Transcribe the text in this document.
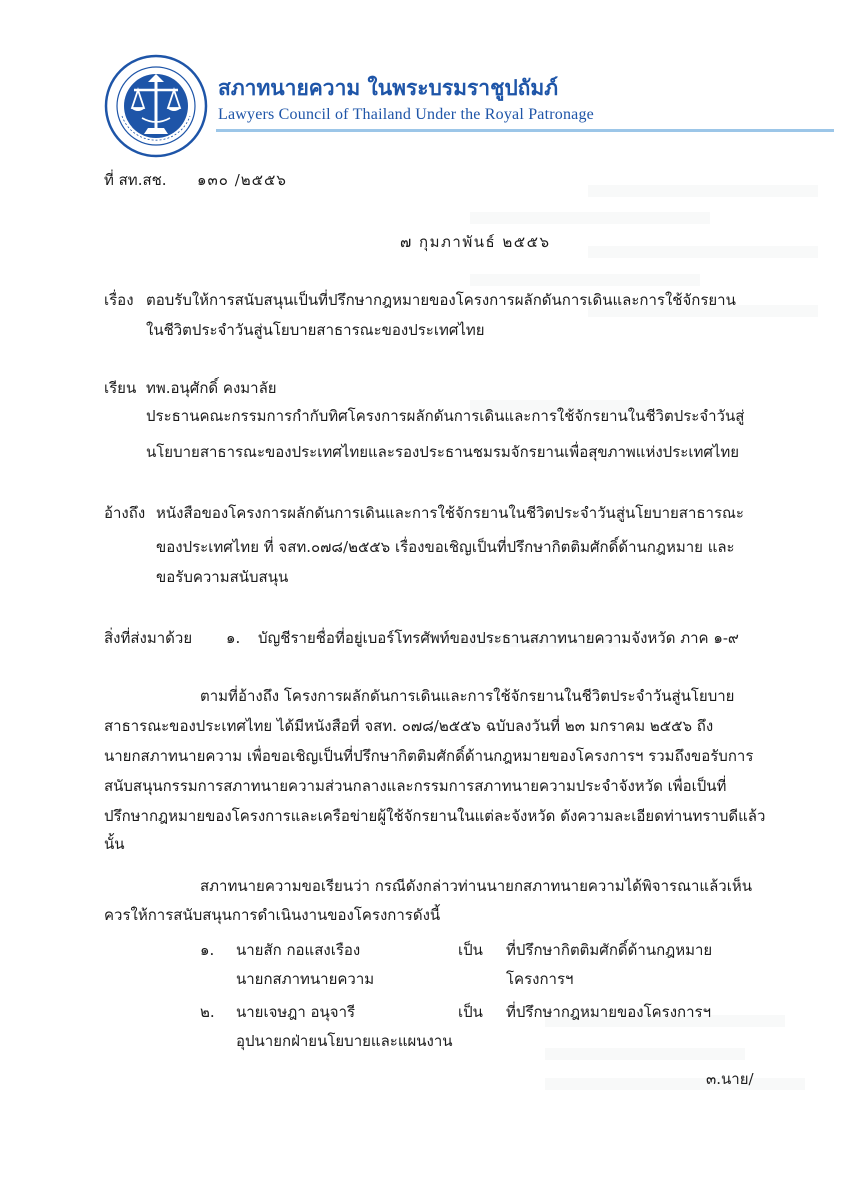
สภาทนายความ ในพระบรมราชูปถัมภ์
Lawyers Council of Thailand Under the Royal Patronage
ที่ สท.สช. ๑๓๐ /๒๕๕๖
๗ กุมภาพันธ์ ๒๕๕๖
เรื่อง ตอบรับให้การสนับสนุนเป็นที่ปรึกษากฎหมายของโครงการผลักดันการเดินและการใช้จักรยาน
ในชีวิตประจำวันสู่นโยบายสาธารณะของประเทศไทย
เรียน ทพ.อนุศักดิ์ คงมาลัย
ประธานคณะกรรมการกำกับทิศโครงการผลักดันการเดินและการใช้จักรยานในชีวิตประจำวันสู่
นโยบายสาธารณะของประเทศไทยและรองประธานชมรมจักรยานเพื่อสุขภาพแห่งประเทศไทย
อ้างถึง หนังสือของโครงการผลักดันการเดินและการใช้จักรยานในชีวิตประจำวันสู่นโยบายสาธารณะ
ของประเทศไทย ที่ จสท.๐๗๘/๒๕๕๖ เรื่องขอเชิญเป็นที่ปรึกษากิตติมศักดิ์ด้านกฎหมาย และ
ขอรับความสนับสนุน
สิ่งที่ส่งมาด้วย ๑. บัญชีรายชื่อที่อยู่เบอร์โทรศัพท์ของประธานสภาทนายความจังหวัด ภาค ๑-๙
ตามที่อ้างถึง โครงการผลักดันการเดินและการใช้จักรยานในชีวิตประจำวันสู่นโยบาย
สาธารณะของประเทศไทย ได้มีหนังสือที่ จสท. ๐๗๘/๒๕๕๖ ฉบับลงวันที่ ๒๓ มกราคม ๒๕๕๖ ถึง
นายกสภาทนายความ เพื่อขอเชิญเป็นที่ปรึกษากิตติมศักดิ์ด้านกฎหมายของโครงการฯ รวมถึงขอรับการ
สนับสนุนกรรมการสภาทนายความส่วนกลางและกรรมการสภาทนายความประจำจังหวัด เพื่อเป็นที่
ปรึกษากฎหมายของโครงการและเครือข่ายผู้ใช้จักรยานในแต่ละจังหวัด ดังความละเอียดท่านทราบดีแล้ว
นั้น
สภาทนายความขอเรียนว่า กรณีดังกล่าวท่านนายกสภาทนายความได้พิจารณาแล้วเห็น
ควรให้การสนับสนุนการดำเนินงานของโครงการดังนี้
๑. นายสัก กอแสงเรือง	เป็น ที่ปรึกษากิตติมศักดิ์ด้านกฎหมาย
นายกสภาทนายความ	โครงการฯ
๒. นายเจษฎา อนุจารี	เป็น ที่ปรึกษากฎหมายของโครงการฯ
อุปนายกฝ่ายนโยบายและแผนงาน
๓.นาย/
